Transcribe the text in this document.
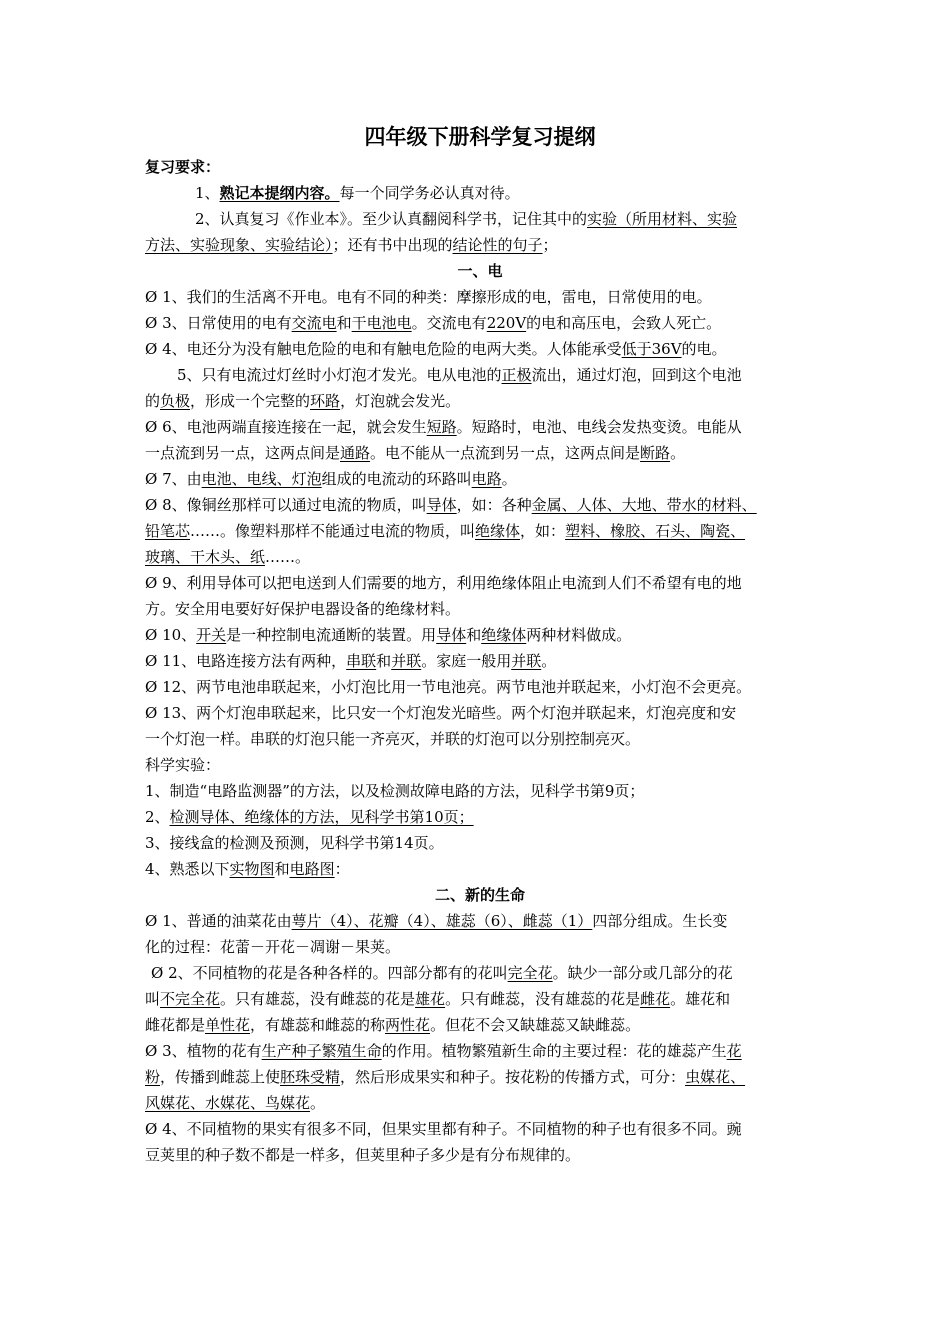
四年级下册科学复习提纲
复习要求：
1、熟记本提纲内容。每一个同学务必认真对待。
2、认真复习《作业本》。至少认真翻阅科学书，记住其中的实验（所用材料、实验
方法、实验现象、实验结论）；还有书中出现的结论性的句子；
一、电
Ø 1、我们的生活离不开电。电有不同的种类：摩擦形成的电，雷电，日常使用的电。
Ø 3、日常使用的电有交流电和干电池电。交流电有220V的电和高压电，会致人死亡。
Ø 4、电还分为没有触电危险的电和有触电危险的电两大类。人体能承受低于36V的电。
5、只有电流过灯丝时小灯泡才发光。电从电池的正极流出，通过灯泡，回到这个电池
的负极，形成一个完整的环路，灯泡就会发光。
Ø 6、电池两端直接连接在一起，就会发生短路。短路时，电池、电线会发热变烫。电能从
一点流到另一点，这两点间是通路。电不能从一点流到另一点，这两点间是断路。
Ø 7、由电池、电线、灯泡组成的电流动的环路叫电路。
Ø 8、像铜丝那样可以通过电流的物质，叫导体，如：各种金属、人体、大地、带水的材料、
铅笔芯……。像塑料那样不能通过电流的物质，叫绝缘体，如：塑料、橡胶、石头、陶瓷、
玻璃、干木头、纸……。
Ø 9、利用导体可以把电送到人们需要的地方，利用绝缘体阻止电流到人们不希望有电的地
方。安全用电要好好保护电器设备的绝缘材料。
Ø 10、开关是一种控制电流通断的装置。用导体和绝缘体两种材料做成。
Ø 11、电路连接方法有两种，串联和并联。家庭一般用并联。
Ø 12、两节电池串联起来，小灯泡比用一节电池亮。两节电池并联起来，小灯泡不会更亮。
Ø 13、两个灯泡串联起来，比只安一个灯泡发光暗些。两个灯泡并联起来，灯泡亮度和安
一个灯泡一样。串联的灯泡只能一齐亮灭，并联的灯泡可以分别控制亮灭。
科学实验：
1、制造“电路监测器”的方法，以及检测故障电路的方法，见科学书第9页；
2、检测导体、绝缘体的方法，见科学书第10页；
3、接线盒的检测及预测，见科学书第14页。
4、熟悉以下实物图和电路图：
二、新的生命
Ø 1、普通的油菜花由萼片（4）、花瓣（4）、雄蕊（6）、雌蕊（1）四部分组成。生长变
化的过程：花蕾－开花－凋谢－果荚。
Ø 2、不同植物的花是各种各样的。四部分都有的花叫完全花。缺少一部分或几部分的花
叫不完全花。只有雄蕊，没有雌蕊的花是雄花。只有雌蕊，没有雄蕊的花是雌花。雄花和
雌花都是单性花，有雄蕊和雌蕊的称两性花。但花不会又缺雄蕊又缺雌蕊。
Ø 3、植物的花有生产种子繁殖生命的作用。植物繁殖新生命的主要过程：花的雄蕊产生花
粉，传播到雌蕊上使胚珠受精，然后形成果实和种子。按花粉的传播方式，可分：虫媒花、
风媒花、水媒花、鸟媒花。
Ø 4、不同植物的果实有很多不同，但果实里都有种子。不同植物的种子也有很多不同。豌
豆荚里的种子数不都是一样多，但荚里种子多少是有分布规律的。
